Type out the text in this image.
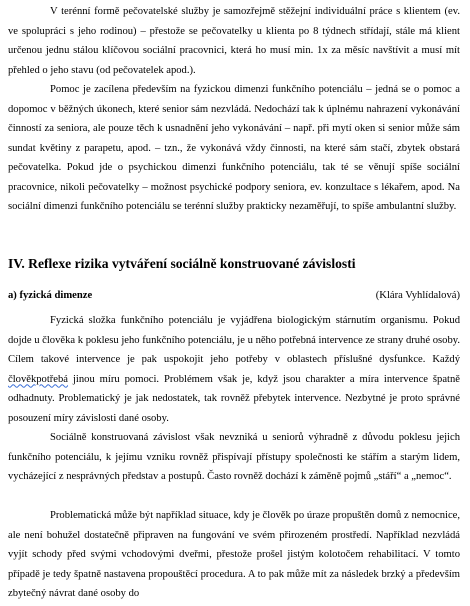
V terénní formě pečovatelské služby je samozřejmě stěžejní individuální práce s klientem (ev. ve spolupráci s jeho rodinou) – přestože se pečovatelky u klienta po 8 týdnech střídají, stále má klient určenou jednu stálou klíčovou sociální pracovnici, která ho musí min. 1x za měsíc navštívit a musí mít přehled o jeho stavu (od pečovatelek apod.).

Pomoc je zacílena především na fyzickou dimenzi funkčního potenciálu – jedná se o pomoc a dopomoc v běžných úkonech, které senior sám nezvládá. Nedochází tak k úplnému nahrazení vykonávání činností za seniora, ale pouze těch k usnadnění jeho vykonávání – např. při mytí oken si senior může sám sundat květiny z parapetu, apod. – tzn., že vykonává vždy činnosti, na které sám stačí, zbytek obstará pečovatelka. Pokud jde o psychickou dimenzi funkčního potenciálu, tak té se věnují spíše sociální pracovnice, nikoli pečovatelky – možnost psychické podpory seniora, ev. konzultace s lékařem, apod. Na sociální dimenzi funkčního potenciálu se terénní služby prakticky nezaměřují, to spíše ambulantní služby.

IV. Reflexe rizika vytváření sociálně konstruované závislosti
a) fyzická dimenze	(Klára Vyhlídalová)

Fyzická složka funkčního potenciálu je vyjádřena biologickým stárnutím organismu. Pokud dojde u člověka k poklesu jeho funkčního potenciálu, je u něho potřebná intervence ze strany druhé osoby. Cílem takové intervence je pak uspokojit jeho potřeby v oblastech příslušné dysfunkce. Každý člověkpotřebá jinou míru pomoci. Problémem však je, když jsou charakter a míra intervence špatně odhadnuty. Problematický je jak nedostatek, tak rovněž přebytek intervence. Nezbytné je proto správné posouzení míry závislosti dané osoby.

Sociálně konstruovaná závislost však nevzniká u seniorů výhradně z důvodu poklesu jejich funkčního potenciálu, k jejímu vzniku rovněž přispívají přístupy společnosti ke stářím a starým lidem, vycházející z nesprávných představ a postupů. Často rovněž dochází k záměně pojmů „stáří“ a „nemoc“.

Problematická může být například situace, kdy je člověk po úraze propuštěn domů z nemocnice, ale není bohužel dostatečně připraven na fungování ve svém přirozeném prostředí. Například nezvládá vyjít schody před svými vchodovými dveřmi, přestože prošel jistým kolotočem rehabilitací. V tomto případě je tedy špatně nastavena propouštěcí procedura. A to pak může mít za následek brzký a především zbytečný návrat dané osoby do
